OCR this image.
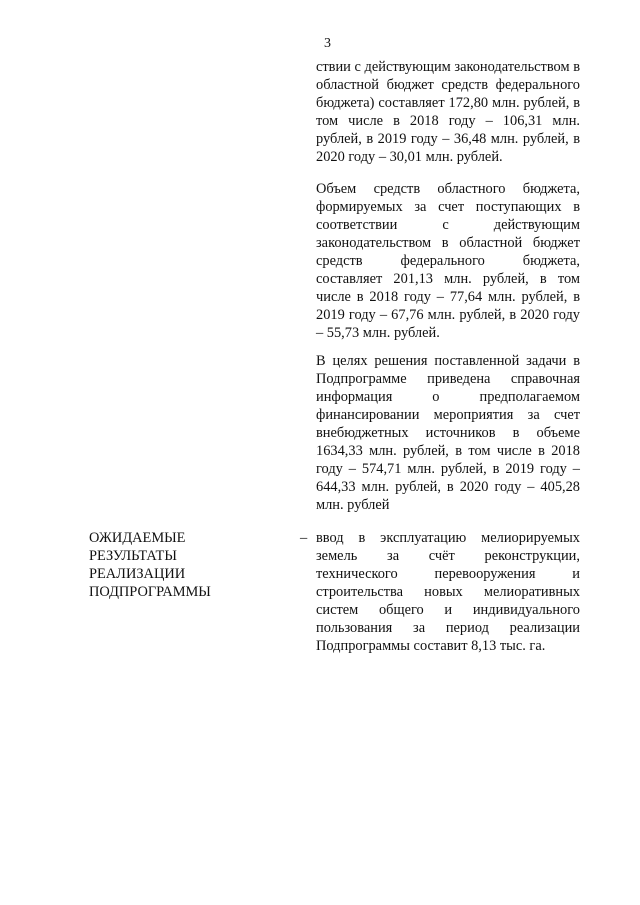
3

ствии с действующим законодательством в областной бюджет средств федерального бюджета) составляет 172,80 млн. рублей, в том числе в 2018 году – 106,31 млн. рублей, в 2019 году – 36,48 млн. рублей, в 2020 году – 30,01 млн. рублей.

Объем средств областного бюджета, формируемых за счет поступающих в соответствии с действующим законодательством в областной бюджет средств федерального бюджета, составляет 201,13 млн. рублей, в том числе в 2018 году – 77,64 млн. рублей, в 2019 году – 67,76 млн. рублей, в 2020 году – 55,73 млн. рублей.

В целях решения поставленной задачи в Подпрограмме приведена справочная информация о предполагаемом финансировании мероприятия за счет внебюджетных источников в объеме 1634,33 млн. рублей, в том числе в 2018 году – 574,71 млн. рублей, в 2019 году – 644,33 млн. рублей, в 2020 году – 405,28 млн. рублей

ОЖИДАЕМЫЕ
РЕЗУЛЬТАТЫ
РЕАЛИЗАЦИИ
ПОДПРОГРАММЫ
– ввод в эксплуатацию мелиорируемых земель за счёт реконструкции, технического перевооружения и строительства новых мелиоративных систем общего и индивидуального пользования за период реализации Подпрограммы составит 8,13 тыс. га.
